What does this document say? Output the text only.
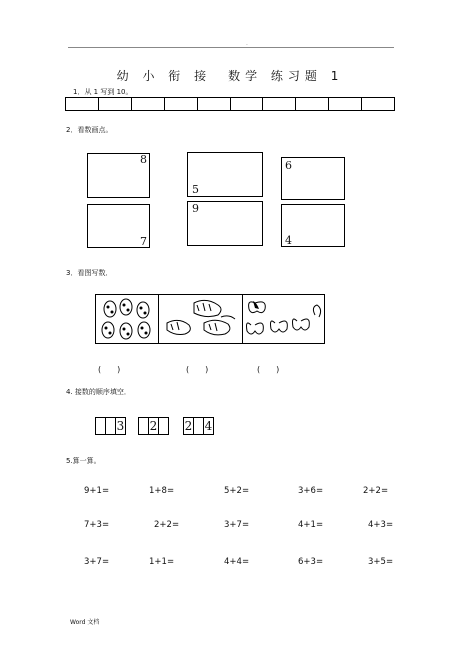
.
幼 小 衔 接　数学 练习题 1
1．从 1 写到 10。
2．看数画点。
8
5
6
7
9
4
3．看图写数．
(　　)	(　　)	(　　)
4. 接数的顺序填空．
3 2 2 4
5.算一算。
9+1=	1+8=	5+2=	3+6=	2+2=
7+3=	2+2=	3+7=	4+1=	4+3=
3+7=	1+1=	4+4=	6+3=	3+5=
Word 文档
